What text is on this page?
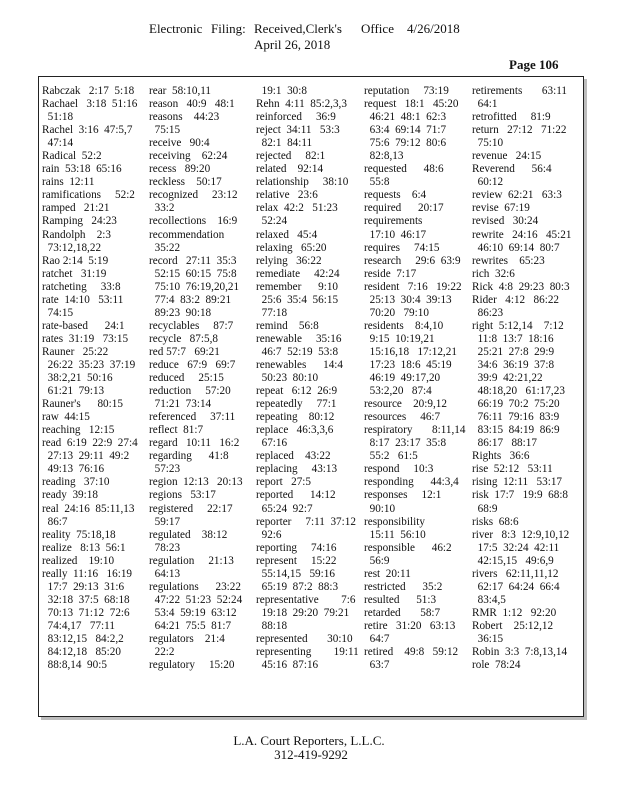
Electronic Filing: Received,Clerk's Office 4/26/2018
April 26, 2018
Page 106
Rabczak   2:17  5:18
Rachael   3:18  51:16
51:18
Rachel  3:16  47:5,7
47:14
Radical  52:2
rain  53:18  65:16
rains  12:11
ramifications     52:2
ramped   21:21
Ramping   24:23
Randolph    2:3
73:12,18,22
Rao 2:14  5:19
ratchet   31:19
ratcheting     33:8
rate  14:10   53:11
74:15
rate-based      24:1
rates  31:19   73:15
Rauner   25:22
26:22  35:23  37:19
38:2,21  50:16
61:21  79:13
Rauner's      80:15
raw  44:15
reaching   12:15
read  6:19  22:9  27:4
27:13  29:11  49:2
49:13  76:16
reading   37:10
ready  39:18
real  24:16  85:11,13
86:7
reality  75:18,18
realize   8:13  56:1
realized    19:10
really  11:16   16:19
17:7  29:13  31:6
32:18  37:5  68:18
70:13  71:12  72:6
74:4,17   77:11
83:12,15   84:2,2
84:12,18   85:20
88:8,14  90:5
rear  58:10,11
reason   40:9   48:1
reasons    44:23
75:15
receive   90:4
receiving    62:24
recess   89:20
reckless    50:17
recognized     23:12
33:2
recollections    16:9
recommendation
35:22
record   27:11  35:3
52:15  60:15  75:8
75:10  76:19,20,21
77:4  83:2  89:21
89:23  90:18
recyclables     87:7
recycle   87:5,8
red 57:7   69:21
reduce   67:9   69:7
reduced     25:15
reduction     57:20
71:21  73:14
referenced     37:11
reflect  81:7
regard   10:11   16:2
regarding      41:8
57:23
region  12:13   20:13
regions   53:17
registered     22:17
59:17
regulated    38:12
78:23
regulation     21:13
64:13
regulations      23:22
47:22  51:23  52:24
53:4  59:19  63:12
64:21  75:5  81:7
regulators    21:4
22:2
regulatory     15:20
19:1  30:8
Rehn  4:11  85:2,3,3
reinforced     36:9
reject  34:11   53:3
82:1  84:11
rejected     82:1
related    92:14
relationship     38:10
relative   23:6
relax  42:2   51:23
52:24
relaxed   45:4
relaxing   65:20
relying   36:22
remediate     42:24
remember      9:10
25:6  35:4  56:15
77:18
remind    56:8
renewable     35:16
46:7  52:19  53:8
renewables      14:4
50:23  80:10
repeat   6:12  26:9
repeatedly     77:1
repeating    80:12
replace   46:3,3,6
67:16
replaced    43:22
replacing     43:13
report   27:5
reported      14:12
65:24  92:7
reporter     7:11  37:12
92:6
reporting     74:16
represent     15:22
55:14,15   59:16
65:19  87:2  88:3
representative        7:6
19:18  29:20  79:21
88:18
represented       30:10
representing        19:11
45:16  87:16
reputation     73:19
request   18:1   45:20
46:21  48:1  62:3
63:4  69:14  71:7
75:6  79:12  80:6
82:8,13
requested      48:6
55:8
requests    6:4
required      20:17
requirements
17:10  46:17
requires     74:15
research     29:6  63:9
reside  7:17
resident   7:16   19:22
25:13  30:4  39:13
70:20   79:10
residents    8:4,10
9:15  10:19,21
15:16,18   17:12,21
17:23  18:6  45:19
46:19  49:17,20
53:2,20   87:4
resource    20:9,12
resources     46:7
respiratory       8:11,14
8:17  23:17  35:8
55:2   61:5
respond     10:3
responding      44:3,4
responses     12:1
90:10
responsibility
15:11  56:10
responsible      46:2
56:9
rest  20:11
restricted      35:2
resulted      51:3
retarded       58:7
retire   31:20   63:13
64:7
retired    49:8   59:12
63:7
retirements       63:11
64:1
retrofitted     81:9
return   27:12   71:22
75:10
revenue   24:15
Reverend      56:4
60:12
review  62:21   63:3
revise  67:19
revised   30:24
rewrite   24:16   45:21
46:10  69:14  80:7
rewrites    65:23
rich  32:6
Rick  4:8  29:23  80:3
Rider   4:12   86:22
86:23
right  5:12,14    7:12
11:8  13:7  18:16
25:21  27:8  29:9
34:6  36:19  37:8
39:9  42:21,22
48:18,20   61:17,23
66:19  70:2  75:20
76:11  79:16  83:9
83:15  84:19  86:9
86:17   88:17
Rights   36:6
rise  52:12   53:11
rising  12:11   53:17
risk  17:7   19:9  68:8
68:9
risks  68:6
river   8:3  12:9,10,12
17:5  32:24  42:11
42:15,15   49:6,9
rivers   62:11,11,12
62:17  64:24  66:4
83:4,5
RMR  1:12   92:20
Robert    25:12,12
36:15
Robin  3:3  7:8,13,14
role  78:24
L.A. Court Reporters, L.L.C.
312-419-9292
